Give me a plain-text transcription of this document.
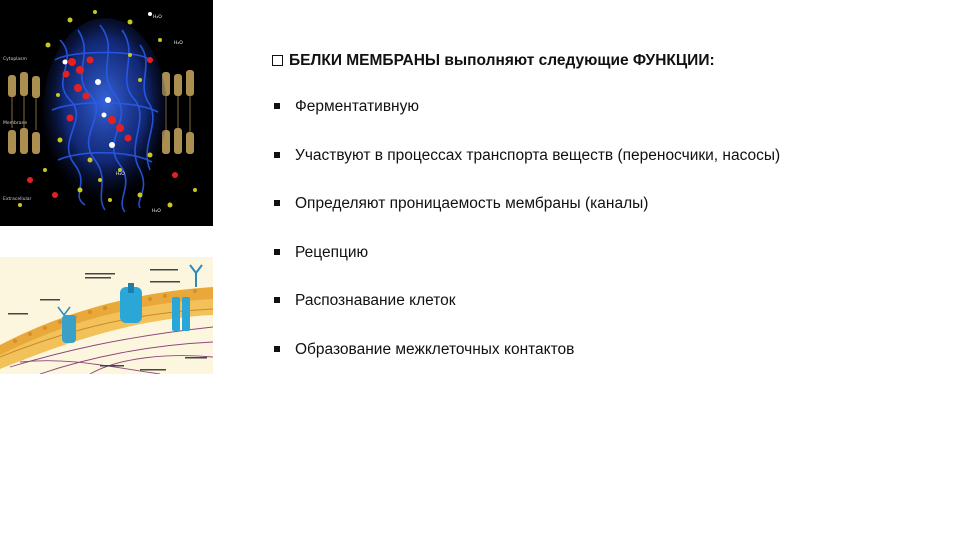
Cytoplasm
Membrane
Extracellular
H₂O
H₂O
H₂O
H₂O
БЕЛКИ МЕМБРАНЫ выполняют следующие ФУНКЦИИ:
Ферментативную
Участвуют в процессах транспорта веществ (переносчики, насосы)
Определяют проницаемость мембраны (каналы)
Рецепцию
Распознавание клеток
Образование межклеточных контактов
